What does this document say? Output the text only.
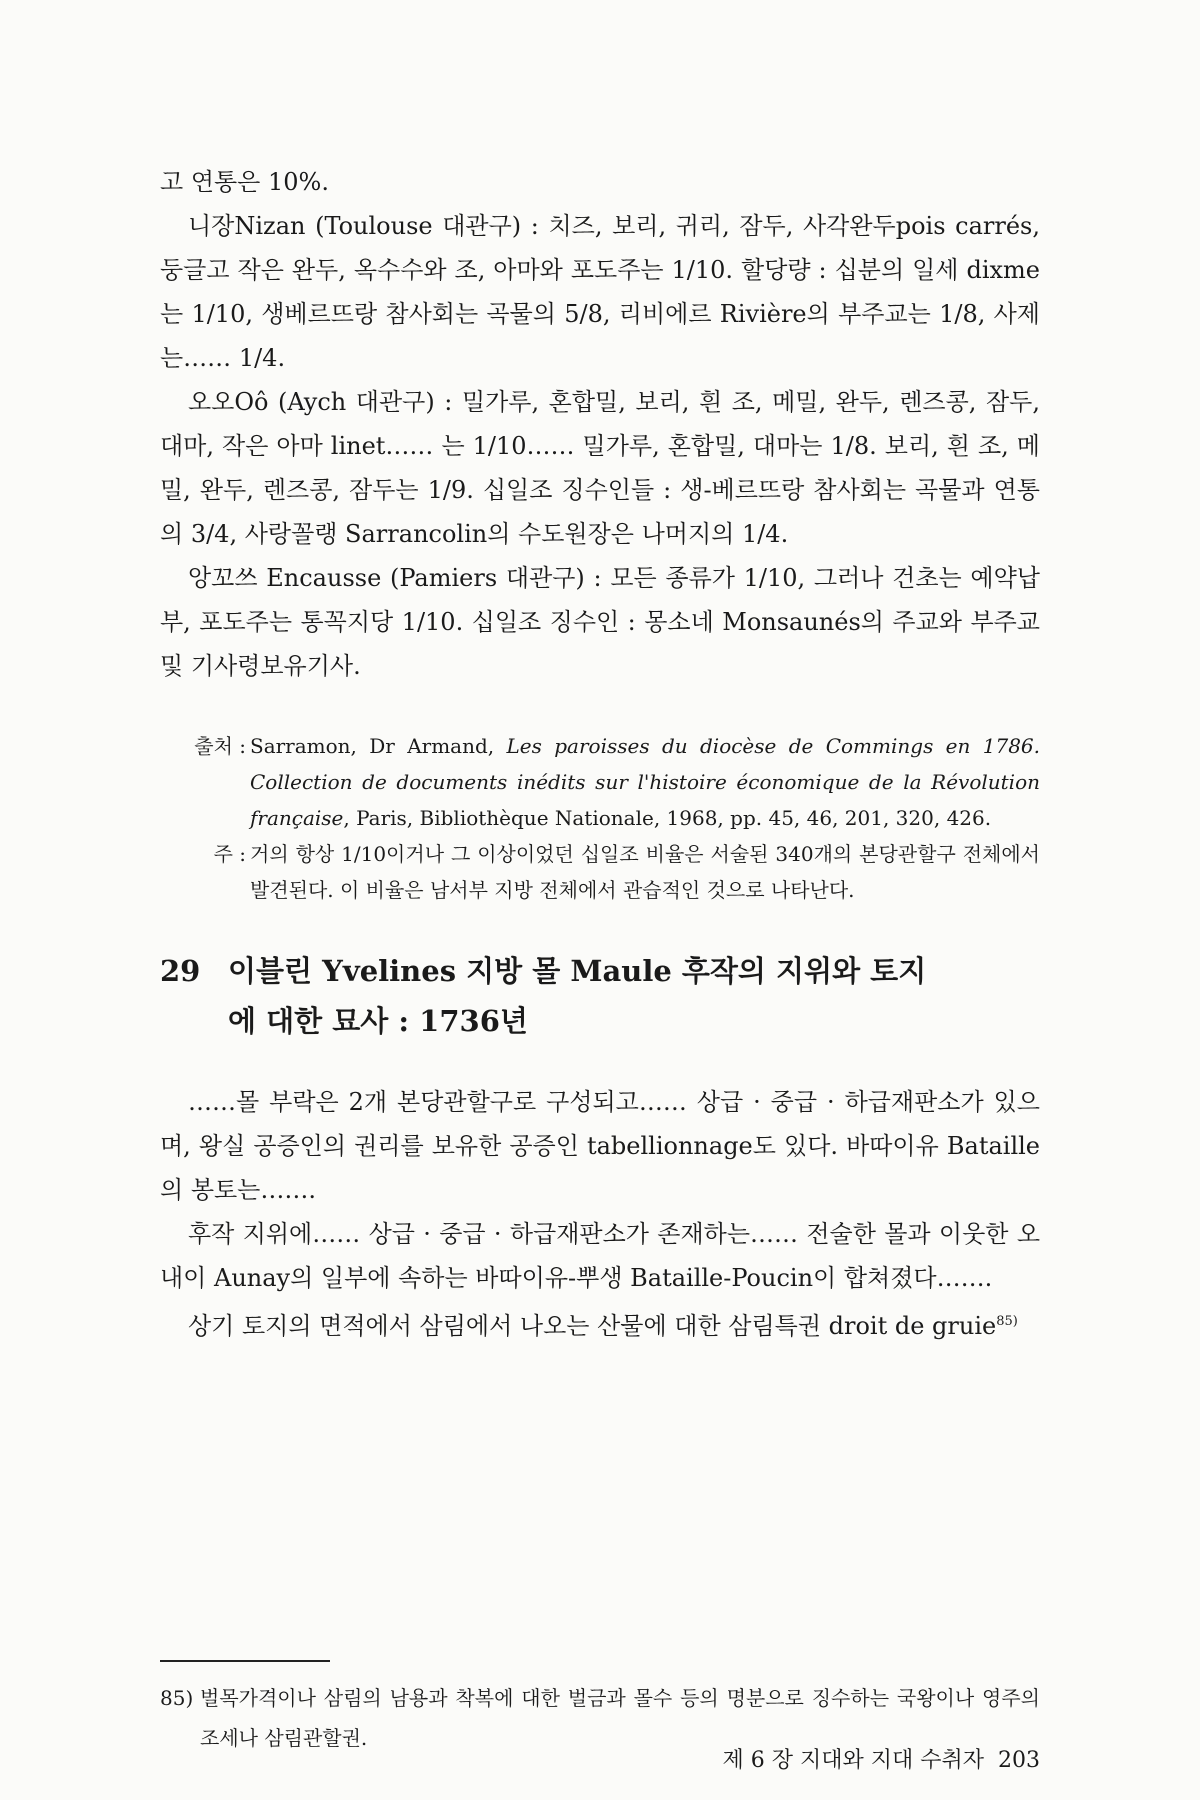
고 연통은 10%.

니장Nizan (Toulouse 대관구) : 치즈, 보리, 귀리, 잠두, 사각완두pois carrés, 둥글고 작은 완두, 옥수수와 조, 아마와 포도주는 1/10. 할당량 : 십분의 일세 dixme는 1/10, 생베르뜨랑 참사회는 곡물의 5/8, 리비에르 Rivière의 부주교는 1/8, 사제는…… 1/4.

오오Oô (Aych 대관구) : 밀가루, 혼합밀, 보리, 흰 조, 메밀, 완두, 렌즈콩, 잠두, 대마, 작은 아마 linet…… 는 1/10…… 밀가루, 혼합밀, 대마는 1/8. 보리, 흰 조, 메밀, 완두, 렌즈콩, 잠두는 1/9. 십일조 징수인들 : 생-베르뜨랑 참사회는 곡물과 연통의 3/4, 사랑꼴랭 Sarrancolin의 수도원장은 나머지의 1/4.

앙꼬쓰 Encausse (Pamiers 대관구) : 모든 종류가 1/10, 그러나 건초는 예약납부, 포도주는 통꼭지당 1/10. 십일조 징수인 : 몽소네 Monsaunés의 주교와 부주교 및 기사령보유기사.

출처 : Sarramon, Dr Armand, Les paroisses du diocèse de Commings en 1786. Collection de documents inédits sur l'histoire économique de la Révolution française, Paris, Bibliothèque Nationale, 1968, pp. 45, 46, 201, 320, 426.
주 : 거의 항상 1/10이거나 그 이상이었던 십일조 비율은 서술된 340개의 본당관할구 전체에서 발견된다. 이 비율은 남서부 지방 전체에서 관습적인 것으로 나타난다.
29 이블린 Yvelines 지방 몰 Maule 후작의 지위와 토지에 대한 묘사 : 1736년

……몰 부락은 2개 본당관할구로 구성되고…… 상급 · 중급 · 하급재판소가 있으며, 왕실 공증인의 권리를 보유한 공증인 tabellionnage도 있다. 바따이유 Bataille의 봉토는…….

후작 지위에…… 상급 · 중급 · 하급재판소가 존재하는…… 전술한 몰과 이웃한 오내이 Aunay의 일부에 속하는 바따이유-뿌생 Bataille-Poucin이 합쳐졌다…….

상기 토지의 면적에서 삼림에서 나오는 산물에 대한 삼림특권 droit de gruie$^{85)}$

85) 벌목가격이나 삼림의 남용과 착복에 대한 벌금과 몰수 등의 명분으로 징수하는 국왕이나 영주의 조세나 삼림관할권.
제 6 장 지대와 지대 수취자 203
